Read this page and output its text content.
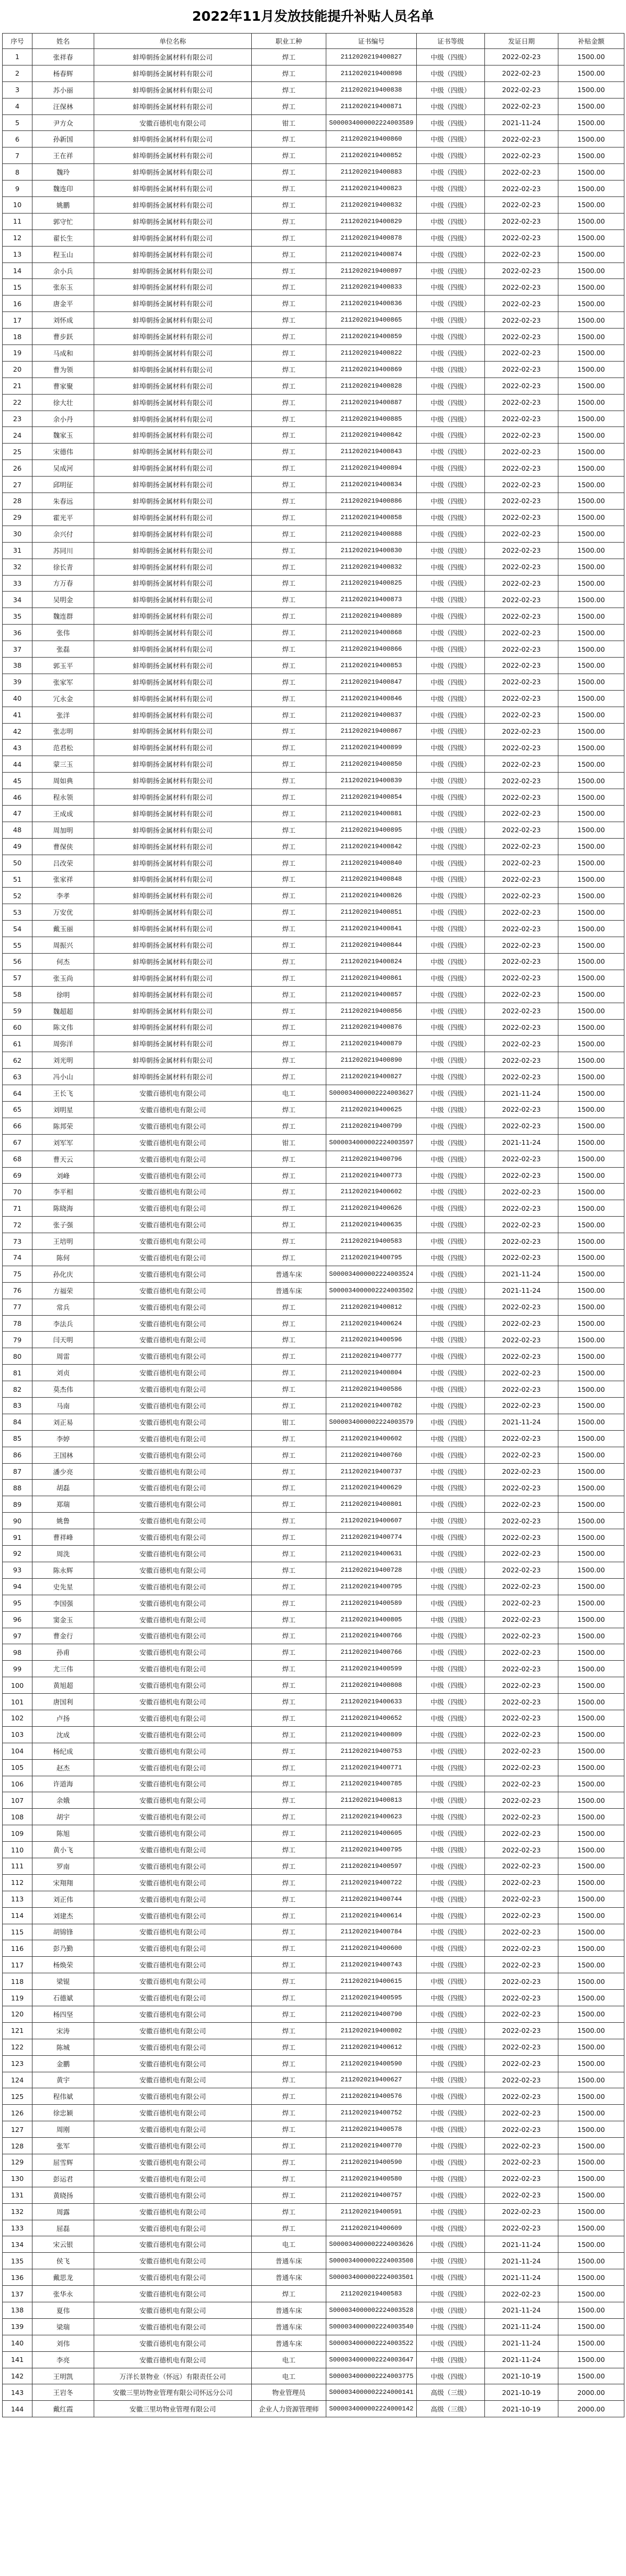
2022年11月发放技能提升补贴人员名单
序号	姓名	单位名称	职业工种	证书编号	证书等级	发证日期	补贴金额
1	张祥春	蚌埠朝扬金属材料有限公司	焊工	2112020219400827	中级（四级）	2022-02-23	1500.00
2	杨春辉	蚌埠朝扬金属材料有限公司	焊工	2112020219400898	中级（四级）	2022-02-23	1500.00
3	苏小丽	蚌埠朝扬金属材料有限公司	焊工	2112020219400838	中级（四级）	2022-02-23	1500.00
4	汪保林	蚌埠朝扬金属材料有限公司	焊工	2112020219400871	中级（四级）	2022-02-23	1500.00
5	尹方众	安徽百德机电有限公司	钳工	S000034000002224003589	中级（四级）	2021-11-24	1500.00
6	孙新国	蚌埠朝扬金属材料有限公司	焊工	2112020219400860	中级（四级）	2022-02-23	1500.00
7	王在祥	蚌埠朝扬金属材料有限公司	焊工	2112020219400852	中级（四级）	2022-02-23	1500.00
8	魏玲	蚌埠朝扬金属材料有限公司	焊工	2112020219400883	中级（四级）	2022-02-23	1500.00
9	魏连印	蚌埠朝扬金属材料有限公司	焊工	2112020219400823	中级（四级）	2022-02-23	1500.00
10	姚鹏	蚌埠朝扬金属材料有限公司	焊工	2112020219400832	中级（四级）	2022-02-23	1500.00
11	郭守忙	蚌埠朝扬金属材料有限公司	焊工	2112020219400829	中级（四级）	2022-02-23	1500.00
12	翟长生	蚌埠朝扬金属材料有限公司	焊工	2112020219400878	中级（四级）	2022-02-23	1500.00
13	程玉山	蚌埠朝扬金属材料有限公司	焊工	2112020219400874	中级（四级）	2022-02-23	1500.00
14	余小兵	蚌埠朝扬金属材料有限公司	焊工	2112020219400897	中级（四级）	2022-02-23	1500.00
15	张东玉	蚌埠朝扬金属材料有限公司	焊工	2112020219400833	中级（四级）	2022-02-23	1500.00
16	唐金平	蚌埠朝扬金属材料有限公司	焊工	2112020219400836	中级（四级）	2022-02-23	1500.00
17	刘怀成	蚌埠朝扬金属材料有限公司	焊工	2112020219400865	中级（四级）	2022-02-23	1500.00
18	曹步跃	蚌埠朝扬金属材料有限公司	焊工	2112020219400859	中级（四级）	2022-02-23	1500.00
19	马成和	蚌埠朝扬金属材料有限公司	焊工	2112020219400822	中级（四级）	2022-02-23	1500.00
20	曹为领	蚌埠朝扬金属材料有限公司	焊工	2112020219400869	中级（四级）	2022-02-23	1500.00
21	曹家聚	蚌埠朝扬金属材料有限公司	焊工	2112020219400828	中级（四级）	2022-02-23	1500.00
22	徐大壮	蚌埠朝扬金属材料有限公司	焊工	2112020219400887	中级（四级）	2022-02-23	1500.00
23	余小丹	蚌埠朝扬金属材料有限公司	焊工	2112020219400885	中级（四级）	2022-02-23	1500.00
24	魏家玉	蚌埠朝扬金属材料有限公司	焊工	2112020219400842	中级（四级）	2022-02-23	1500.00
25	宋德伟	蚌埠朝扬金属材料有限公司	焊工	2112020219400843	中级（四级）	2022-02-23	1500.00
26	吴成河	蚌埠朝扬金属材料有限公司	焊工	2112020219400894	中级（四级）	2022-02-23	1500.00
27	邱明征	蚌埠朝扬金属材料有限公司	焊工	2112020219400834	中级（四级）	2022-02-23	1500.00
28	朱春远	蚌埠朝扬金属材料有限公司	焊工	2112020219400886	中级（四级）	2022-02-23	1500.00
29	霍光平	蚌埠朝扬金属材料有限公司	焊工	2112020219400858	中级（四级）	2022-02-23	1500.00
30	余兴付	蚌埠朝扬金属材料有限公司	焊工	2112020219400888	中级（四级）	2022-02-23	1500.00
31	苏同川	蚌埠朝扬金属材料有限公司	焊工	2112020219400830	中级（四级）	2022-02-23	1500.00
32	徐长青	蚌埠朝扬金属材料有限公司	焊工	2112020219400832	中级（四级）	2022-02-23	1500.00
33	方万春	蚌埠朝扬金属材料有限公司	焊工	2112020219400825	中级（四级）	2022-02-23	1500.00
34	吴明金	蚌埠朝扬金属材料有限公司	焊工	2112020219400873	中级（四级）	2022-02-23	1500.00
35	魏连群	蚌埠朝扬金属材料有限公司	焊工	2112020219400889	中级（四级）	2022-02-23	1500.00
36	张伟	蚌埠朝扬金属材料有限公司	焊工	2112020219400868	中级（四级）	2022-02-23	1500.00
37	张磊	蚌埠朝扬金属材料有限公司	焊工	2112020219400866	中级（四级）	2022-02-23	1500.00
38	郭玉平	蚌埠朝扬金属材料有限公司	焊工	2112020219400853	中级（四级）	2022-02-23	1500.00
39	张家军	蚌埠朝扬金属材料有限公司	焊工	2112020219400847	中级（四级）	2022-02-23	1500.00
40	冗永金	蚌埠朝扬金属材料有限公司	焊工	2112020219400846	中级（四级）	2022-02-23	1500.00
41	张洋	蚌埠朝扬金属材料有限公司	焊工	2112020219400837	中级（四级）	2022-02-23	1500.00
42	张志明	蚌埠朝扬金属材料有限公司	焊工	2112020219400867	中级（四级）	2022-02-23	1500.00
43	范君松	蚌埠朝扬金属材料有限公司	焊工	2112020219400899	中级（四级）	2022-02-23	1500.00
44	蒙三玉	蚌埠朝扬金属材料有限公司	焊工	2112020219400850	中级（四级）	2022-02-23	1500.00
45	周如典	蚌埠朝扬金属材料有限公司	焊工	2112020219400839	中级（四级）	2022-02-23	1500.00
46	程永领	蚌埠朝扬金属材料有限公司	焊工	2112020219400854	中级（四级）	2022-02-23	1500.00
47	王成成	蚌埠朝扬金属材料有限公司	焊工	2112020219400881	中级（四级）	2022-02-23	1500.00
48	周加明	蚌埠朝扬金属材料有限公司	焊工	2112020219400895	中级（四级）	2022-02-23	1500.00
49	曹保侠	蚌埠朝扬金属材料有限公司	焊工	2112020219400842	中级（四级）	2022-02-23	1500.00
50	吕改荣	蚌埠朝扬金属材料有限公司	焊工	2112020219400840	中级（四级）	2022-02-23	1500.00
51	张家祥	蚌埠朝扬金属材料有限公司	焊工	2112020219400848	中级（四级）	2022-02-23	1500.00
52	李孝	蚌埠朝扬金属材料有限公司	焊工	2112020219400826	中级（四级）	2022-02-23	1500.00
53	万安优	蚌埠朝扬金属材料有限公司	焊工	2112020219400851	中级（四级）	2022-02-23	1500.00
54	戴玉丽	蚌埠朝扬金属材料有限公司	焊工	2112020219400841	中级（四级）	2022-02-23	1500.00
55	周振兴	蚌埠朝扬金属材料有限公司	焊工	2112020219400844	中级（四级）	2022-02-23	1500.00
56	何杰	蚌埠朝扬金属材料有限公司	焊工	2112020219400824	中级（四级）	2022-02-23	1500.00
57	张玉尚	蚌埠朝扬金属材料有限公司	焊工	2112020219400861	中级（四级）	2022-02-23	1500.00
58	徐明	蚌埠朝扬金属材料有限公司	焊工	2112020219400857	中级（四级）	2022-02-23	1500.00
59	魏超超	蚌埠朝扬金属材料有限公司	焊工	2112020219400856	中级（四级）	2022-02-23	1500.00
60	陈文伟	蚌埠朝扬金属材料有限公司	焊工	2112020219400876	中级（四级）	2022-02-23	1500.00
61	周弥洋	蚌埠朝扬金属材料有限公司	焊工	2112020219400879	中级（四级）	2022-02-23	1500.00
62	刘光明	蚌埠朝扬金属材料有限公司	焊工	2112020219400890	中级（四级）	2022-02-23	1500.00
63	冯小山	蚌埠朝扬金属材料有限公司	焊工	2112020219400827	中级（四级）	2022-02-23	1500.00
64	王长飞	安徽百德机电有限公司	电工	S000034000002224003627	中级（四级）	2021-11-24	1500.00
65	刘明星	安徽百德机电有限公司	焊工	2112020219400625	中级（四级）	2022-02-23	1500.00
66	陈邦荣	安徽百德机电有限公司	焊工	2112020219400799	中级（四级）	2022-02-23	1500.00
67	刘军军	安徽百德机电有限公司	钳工	S000034000002224003597	中级（四级）	2021-11-24	1500.00
68	曹天云	安徽百德机电有限公司	焊工	2112020219400796	中级（四级）	2022-02-23	1500.00
69	刘峰	安徽百德机电有限公司	焊工	2112020219400773	中级（四级）	2022-02-23	1500.00
70	李平相	安徽百德机电有限公司	焊工	2112020219400602	中级（四级）	2022-02-23	1500.00
71	陈晓海	安徽百德机电有限公司	焊工	2112020219400626	中级（四级）	2022-02-23	1500.00
72	张子强	安徽百德机电有限公司	焊工	2112020219400635	中级（四级）	2022-02-23	1500.00
73	王培明	安徽百德机电有限公司	焊工	2112020219400583	中级（四级）	2022-02-23	1500.00
74	陈何	安徽百德机电有限公司	焊工	2112020219400795	中级（四级）	2022-02-23	1500.00
75	孙化庆	安徽百德机电有限公司	普通车床	S000034000002224003524	中级（四级）	2021-11-24	1500.00
76	方福荣	安徽百德机电有限公司	普通车床	S000034000002224003502	中级（四级）	2021-11-24	1500.00
77	常兵	安徽百德机电有限公司	焊工	2112020219400812	中级（四级）	2022-02-23	1500.00
78	李法兵	安徽百德机电有限公司	焊工	2112020219400624	中级（四级）	2022-02-23	1500.00
79	闫天明	安徽百德机电有限公司	焊工	2112020219400596	中级（四级）	2022-02-23	1500.00
80	周雷	安徽百德机电有限公司	焊工	2112020219400777	中级（四级）	2022-02-23	1500.00
81	刘贞	安徽百德机电有限公司	焊工	2112020219400804	中级（四级）	2022-02-23	1500.00
82	莫杰伟	安徽百德机电有限公司	焊工	2112020219400586	中级（四级）	2022-02-23	1500.00
83	马南	安徽百德机电有限公司	焊工	2112020219400782	中级（四级）	2022-02-23	1500.00
84	刘正易	安徽百德机电有限公司	钳工	S000034000002224003579	中级（四级）	2021-11-24	1500.00
85	李婷	安徽百德机电有限公司	焊工	2112020219400602	中级（四级）	2022-02-23	1500.00
86	王国林	安徽百德机电有限公司	焊工	2112020219400760	中级（四级）	2022-02-23	1500.00
87	潘少亮	安徽百德机电有限公司	焊工	2112020219400737	中级（四级）	2022-02-23	1500.00
88	胡磊	安徽百德机电有限公司	焊工	2112020219400629	中级（四级）	2022-02-23	1500.00
89	郑瑞	安徽百德机电有限公司	焊工	2112020219400801	中级（四级）	2022-02-23	1500.00
90	姚鲁	安徽百德机电有限公司	焊工	2112020219400607	中级（四级）	2022-02-23	1500.00
91	曹祥峰	安徽百德机电有限公司	焊工	2112020219400774	中级（四级）	2022-02-23	1500.00
92	周洗	安徽百德机电有限公司	焊工	2112020219400631	中级（四级）	2022-02-23	1500.00
93	陈永辉	安徽百德机电有限公司	焊工	2112020219400728	中级（四级）	2022-02-23	1500.00
94	史先星	安徽百德机电有限公司	焊工	2112020219400795	中级（四级）	2022-02-23	1500.00
95	李国强	安徽百德机电有限公司	焊工	2112020219400589	中级（四级）	2022-02-23	1500.00
96	窦金玉	安徽百德机电有限公司	焊工	2112020219400805	中级（四级）	2022-02-23	1500.00
97	曹金行	安徽百德机电有限公司	焊工	2112020219400766	中级（四级）	2022-02-23	1500.00
98	孙甫	安徽百德机电有限公司	焊工	2112020219400766	中级（四级）	2022-02-23	1500.00
99	尤三伟	安徽百德机电有限公司	焊工	2112020219400599	中级（四级）	2022-02-23	1500.00
100	黄旭超	安徽百德机电有限公司	焊工	2112020219400808	中级（四级）	2022-02-23	1500.00
101	唐国利	安徽百德机电有限公司	焊工	2112020219400633	中级（四级）	2022-02-23	1500.00
102	卢扬	安徽百德机电有限公司	焊工	2112020219400652	中级（四级）	2022-02-23	1500.00
103	沈成	安徽百德机电有限公司	焊工	2112020219400809	中级（四级）	2022-02-23	1500.00
104	杨纪成	安徽百德机电有限公司	焊工	2112020219400753	中级（四级）	2022-02-23	1500.00
105	赵杰	安徽百德机电有限公司	焊工	2112020219400771	中级（四级）	2022-02-23	1500.00
106	许道海	安徽百德机电有限公司	焊工	2112020219400785	中级（四级）	2022-02-23	1500.00
107	余娥	安徽百德机电有限公司	焊工	2112020219400813	中级（四级）	2022-02-23	1500.00
108	胡宇	安徽百德机电有限公司	焊工	2112020219400623	中级（四级）	2022-02-23	1500.00
109	陈旭	安徽百德机电有限公司	焊工	2112020219400605	中级（四级）	2022-02-23	1500.00
110	黄小飞	安徽百德机电有限公司	焊工	2112020219400795	中级（四级）	2022-02-23	1500.00
111	罗南	安徽百德机电有限公司	焊工	2112020219400597	中级（四级）	2022-02-23	1500.00
112	宋翔翔	安徽百德机电有限公司	焊工	2112020219400722	中级（四级）	2022-02-23	1500.00
113	刘正伟	安徽百德机电有限公司	焊工	2112020219400744	中级（四级）	2022-02-23	1500.00
114	刘建杰	安徽百德机电有限公司	焊工	2112020219400614	中级（四级）	2022-02-23	1500.00
115	胡锦锋	安徽百德机电有限公司	焊工	2112020219400784	中级（四级）	2022-02-23	1500.00
116	彭乃勤	安徽百德机电有限公司	焊工	2112020219400600	中级（四级）	2022-02-23	1500.00
117	杨焕荣	安徽百德机电有限公司	焊工	2112020219400743	中级（四级）	2022-02-23	1500.00
118	梁锟	安徽百德机电有限公司	焊工	2112020219400615	中级（四级）	2022-02-23	1500.00
119	石德斌	安徽百德机电有限公司	焊工	2112020219400595	中级（四级）	2022-02-23	1500.00
120	杨四坚	安徽百德机电有限公司	焊工	2112020219400790	中级（四级）	2022-02-23	1500.00
121	宋涛	安徽百德机电有限公司	焊工	2112020219400802	中级（四级）	2022-02-23	1500.00
122	陈城	安徽百德机电有限公司	焊工	2112020219400612	中级（四级）	2022-02-23	1500.00
123	金鹏	安徽百德机电有限公司	焊工	2112020219400590	中级（四级）	2022-02-23	1500.00
124	黄宇	安徽百德机电有限公司	焊工	2112020219400627	中级（四级）	2022-02-23	1500.00
125	程伟斌	安徽百德机电有限公司	焊工	2112020219400576	中级（四级）	2022-02-23	1500.00
126	徐忠颖	安徽百德机电有限公司	焊工	2112020219400752	中级（四级）	2022-02-23	1500.00
127	周刚	安徽百德机电有限公司	焊工	2112020219400578	中级（四级）	2022-02-23	1500.00
128	张军	安徽百德机电有限公司	焊工	2112020219400770	中级（四级）	2022-02-23	1500.00
129	屈雪辉	安徽百德机电有限公司	焊工	2112020219400590	中级（四级）	2022-02-23	1500.00
130	彭运君	安徽百德机电有限公司	焊工	2112020219400580	中级（四级）	2022-02-23	1500.00
131	黄晓扬	安徽百德机电有限公司	焊工	2112020219400757	中级（四级）	2022-02-23	1500.00
132	周露	安徽百德机电有限公司	焊工	2112020219400591	中级（四级）	2022-02-23	1500.00
133	屈磊	安徽百德机电有限公司	焊工	2112020219400609	中级（四级）	2022-02-23	1500.00
134	宋云银	安徽百德机电有限公司	电工	S000034000002224003626	中级（四级）	2021-11-24	1500.00
135	侯飞	安徽百德机电有限公司	普通车床	S000034000002224003508	中级（四级）	2021-11-24	1500.00
136	戴思龙	安徽百德机电有限公司	普通车床	S000034000002224003501	中级（四级）	2021-11-24	1500.00
137	张华永	安徽百德机电有限公司	焊工	2112020219400583	中级（四级）	2022-02-23	1500.00
138	夏伟	安徽百德机电有限公司	普通车床	S000034000002224003528	中级（四级）	2021-11-24	1500.00
139	梁瑞	安徽百德机电有限公司	普通车床	S000034000002224003540	中级（四级）	2021-11-24	1500.00
140	刘伟	安徽百德机电有限公司	普通车床	S000034000002224003522	中级（四级）	2021-11-24	1500.00
141	李亮	安徽百德机电有限公司	电工	S000034000002224003647	中级（四级）	2021-11-24	1500.00
142	王明凯	万洋长景物业（怀远）有限责任公司	电工	S000034000002224003775	中级（四级）	2021-10-19	1500.00
143	王岩冬	安徽三里坊物业管理有限公司怀远分公司	物业管理员	S000034000002224000141	高级（三级）	2021-10-19	2000.00
144	戴红霞	安徽三里坊物业管理有限公司	企业人力资源管理师	S000034000002224000142	高级（三级）	2021-10-19	2000.00
